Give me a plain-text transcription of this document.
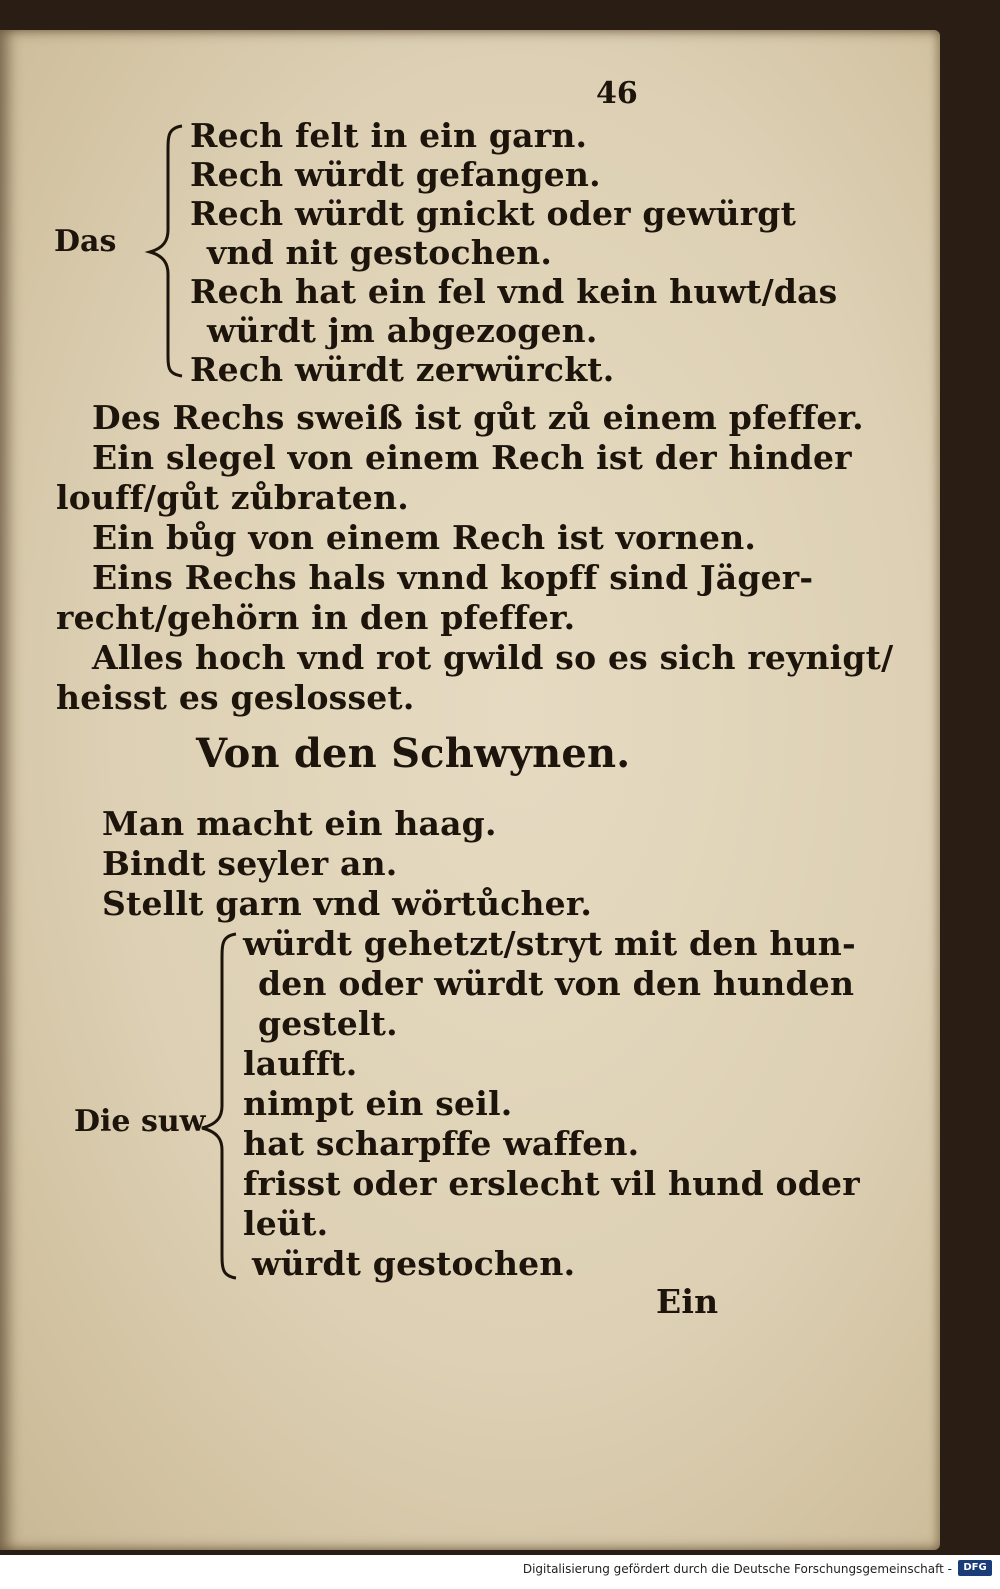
46
Das
Rech felt in ein garn.
Rech würdt gefangen.
Rech würdt gnickt oder gewürgt
vnd nit gestochen.
Rech hat ein fel vnd kein huwt/das
würdt jm abgezogen.
Rech würdt zerwürckt.
Des Rechs sweiß ist gůt zů einem pfeffer.
Ein slegel von einem Rech ist der hinder
louff/gůt zůbraten.
Ein bůg von einem Rech ist vornen.
Eins Rechs hals vnnd kopff sind Jäger-
recht/gehörn in den pfeffer.
Alles hoch vnd rot gwild so es sich reynigt/
heisst es geslosset.
Von den Schwynen.
Man macht ein haag.
Bindt seyler an.
Stellt garn vnd wörtůcher.
Die suw
würdt gehetzt/stryt mit den hun-
den oder würdt von den hunden
gestelt.
laufft.
nimpt ein seil.
hat scharpffe waffen.
frisst oder erslecht vil hund oder
leüt.
würdt gestochen.
Ein
Digitalisierung gefördert durch die Deutsche Forschungsgemeinschaft -	DFG
